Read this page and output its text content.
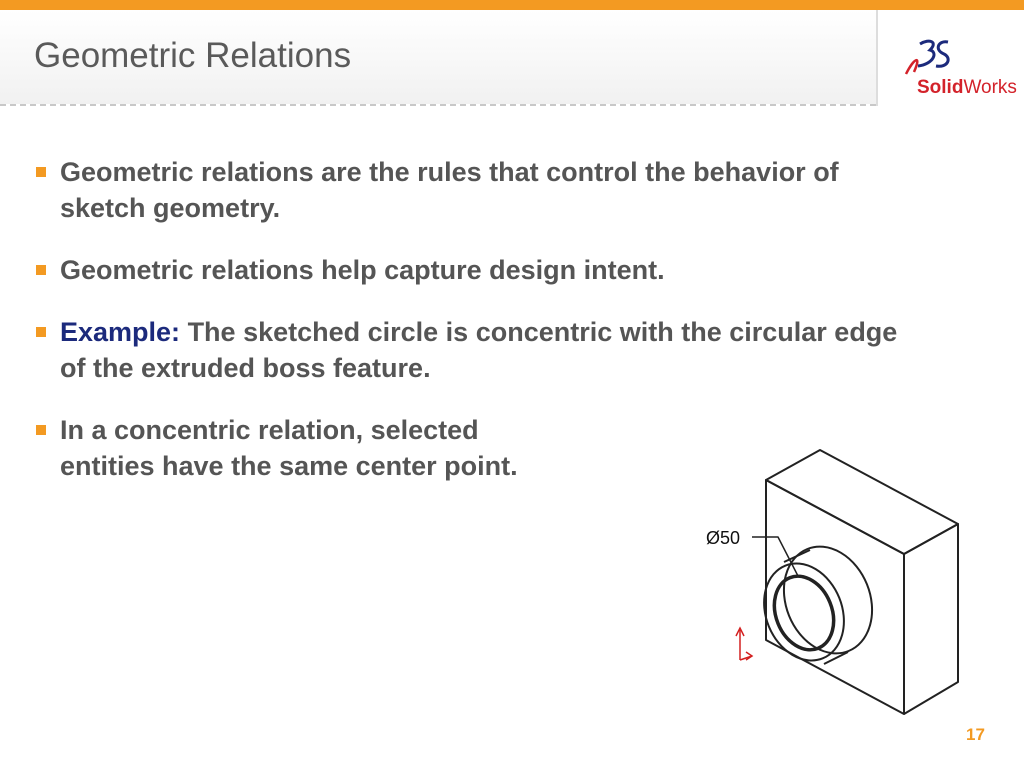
Geometric Relations
SolidWorks
Geometric relations are the rules that control the behavior of sketch geometry.
Geometric relations help capture design intent.
Example: The sketched circle is concentric with the circular edge of the extruded boss feature.
In a concentric relation, selected
entities have the same center point.
Ø50
17
